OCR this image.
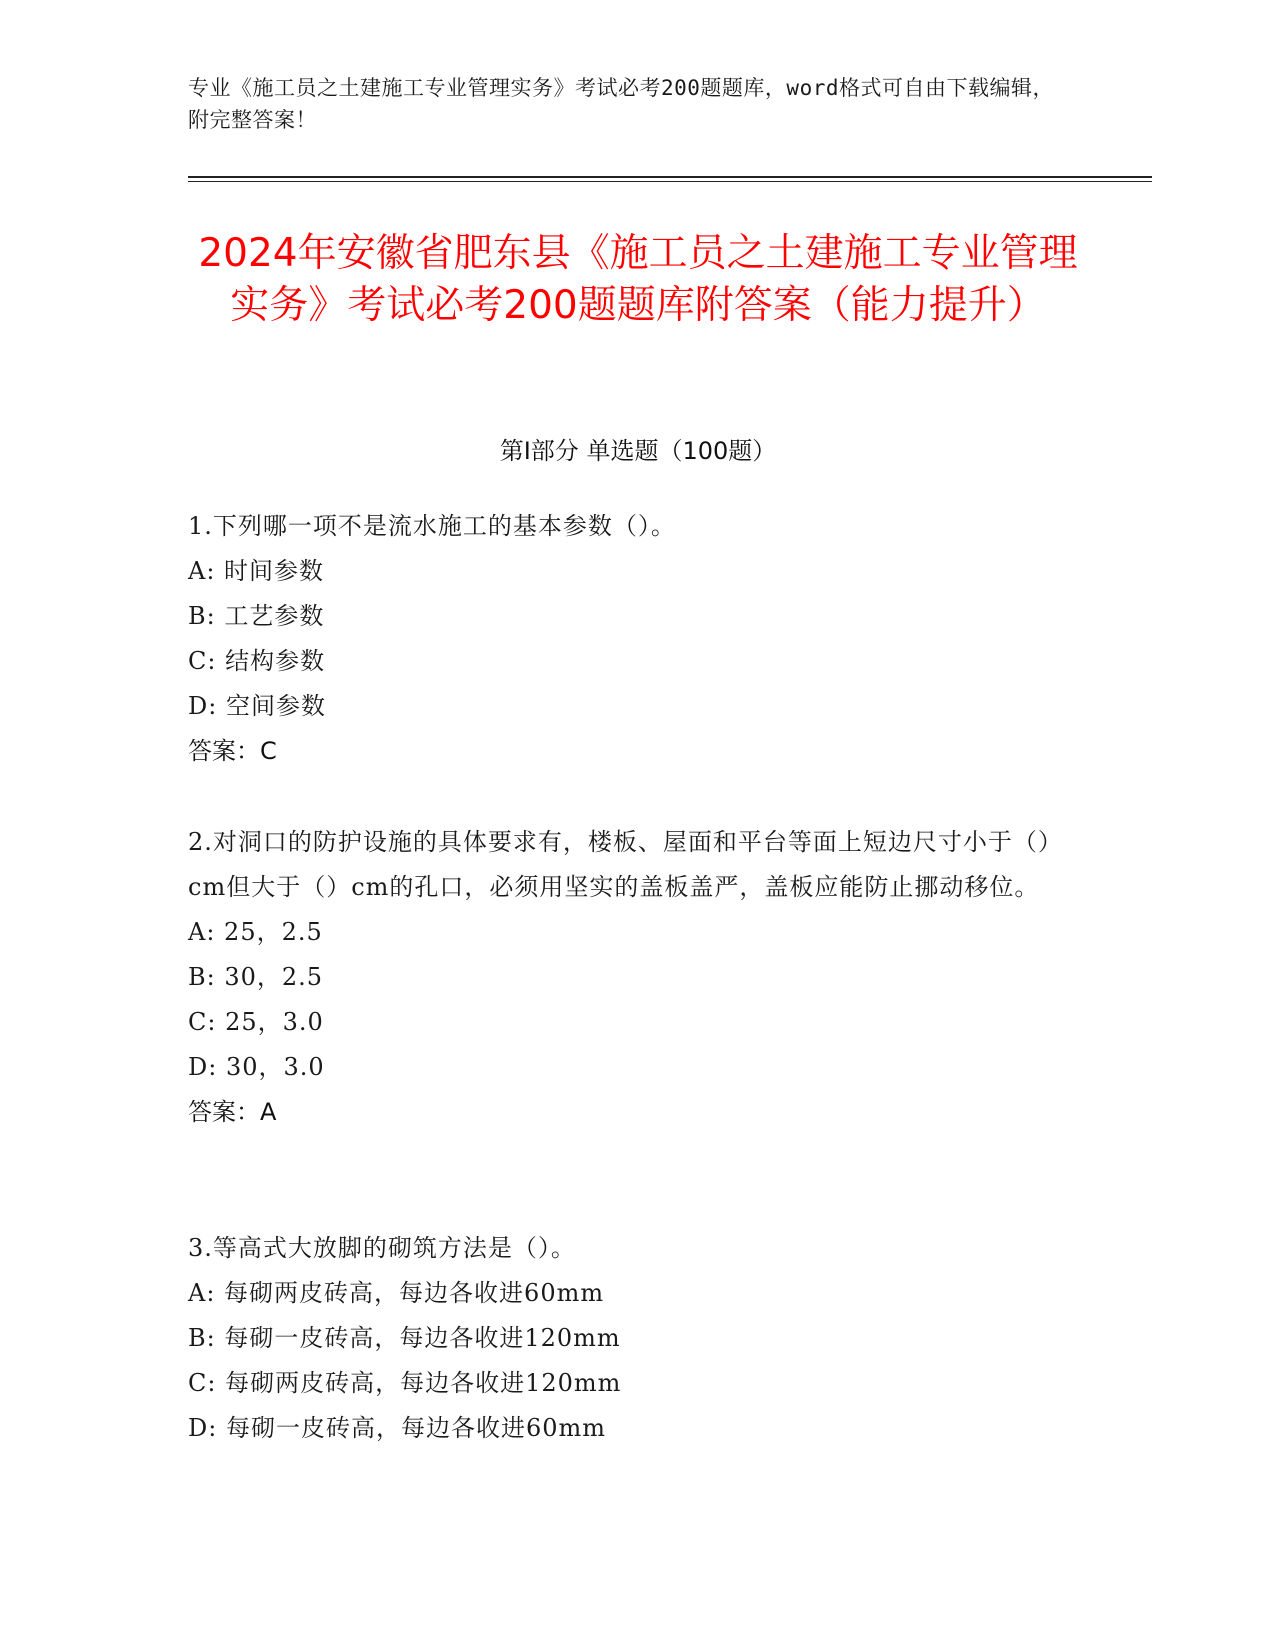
专业《施工员之土建施工专业管理实务》考试必考200题题库，word格式可自由下载编辑，附完整答案！
2024年安徽省肥东县《施工员之土建施工专业管理实务》考试必考200题题库附答案（能力提升）
第I部分 单选题（100题）
1.下列哪一项不是流水施工的基本参数（）。
A: 时间参数
B: 工艺参数
C: 结构参数
D: 空间参数
答案：C
2.对洞口的防护设施的具体要求有，楼板、屋面和平台等面上短边尺寸小于（）cm但大于（）cm的孔口，必须用坚实的盖板盖严，盖板应能防止挪动移位。
A: 25，2.5
B: 30，2.5
C: 25，3.0
D: 30，3.0
答案：A
3.等高式大放脚的砌筑方法是（）。
A: 每砌两皮砖高，每边各收进60mm
B: 每砌一皮砖高，每边各收进120mm
C: 每砌两皮砖高，每边各收进120mm
D: 每砌一皮砖高，每边各收进60mm
